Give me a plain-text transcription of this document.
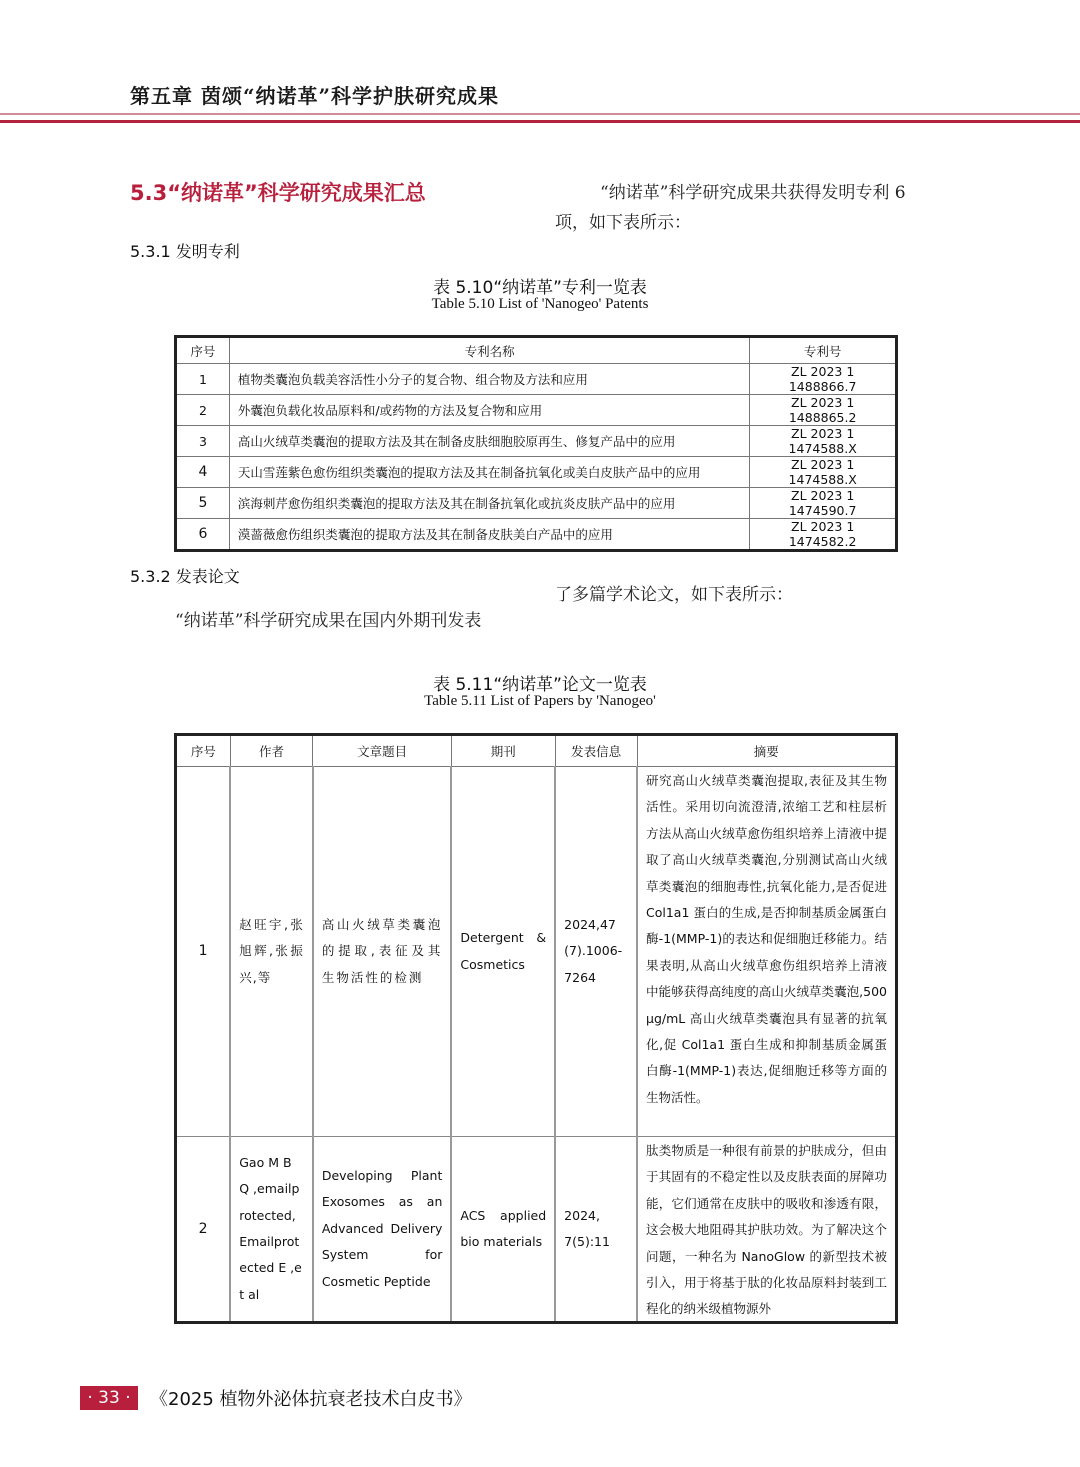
第五章 茵颂“纳诺革”科学护肤研究成果
5.3“纳诺革”科学研究成果汇总	“纳诺革”科学研究成果共获得发明专利 6
项，如下表所示：
5.3.1 发明专利
表 5.10“纳诺革”专利一览表
Table 5.10 List of 'Nanogeo' Patents
序号	专利名称	专利号
1	植物类囊泡负载美容活性小分子的复合物、组合物及方法和应用	ZL 2023 1 1488866.7
2	外囊泡负载化妆品原料和/或药物的方法及复合物和应用	ZL 2023 1 1488865.2
3	高山火绒草类囊泡的提取方法及其在制备皮肤细胞胶原再生、修复产品中的应用	ZL 2023 1 1474588.X
4	天山雪莲紫色愈伤组织类囊泡的提取方法及其在制备抗氧化或美白皮肤产品中的应用	ZL 2023 1 1474588.X
5	滨海刺芹愈伤组织类囊泡的提取方法及其在制备抗氧化或抗炎皮肤产品中的应用	ZL 2023 1 1474590.7
6	漠蔷薇愈伤组织类囊泡的提取方法及其在制备皮肤美白产品中的应用	ZL 2023 1 1474582.2
5.3.2 发表论文
了多篇学术论文，如下表所示：
“纳诺革”科学研究成果在国内外期刊发表
表 5.11“纳诺革”论文一览表
Table 5.11 List of Papers by 'Nanogeo'
序号	作者	文章题目	期刊	发表信息	摘要
1	赵旺宇,张旭辉,张振兴,等	高山火绒草类囊泡的提取,表征及其生物活性的检测	Detergent & Cosmetics	2024,47(7).1006-7264	研究高山火绒草类囊泡提取,表征及其生物活性。采用切向流澄清,浓缩工艺和柱层析方法从高山火绒草愈伤组织培养上清液中提取了高山火绒草类囊泡,分别测试高山火绒草类囊泡的细胞毒性,抗氧化能力,是否促进 Col1a1 蛋白的生成,是否抑制基质金属蛋白酶-1(MMP-1)的表达和促细胞迁移能力。结果表明,从高山火绒草愈伤组织培养上清液中能够获得高纯度的高山火绒草类囊泡,500 μg/mL 高山火绒草类囊泡具有显著的抗氧化,促 Col1a1 蛋白生成和抑制基质金属蛋白酶-1(MMP-1)表达,促细胞迁移等方面的生物活性。
2	Gao M B Q ,emailprotected, Emailprotected E ,et al	Developing Plant Exosomes as an Advanced Delivery System for Cosmetic Peptide	ACS applied bio materials	2024, 7(5):11	肽类物质是一种很有前景的护肤成分，但由于其固有的不稳定性以及皮肤表面的屏障功能，它们通常在皮肤中的吸收和渗透有限，这会极大地阻碍其护肤功效。为了解决这个问题，一种名为 NanoGlow 的新型技术被引入，用于将基于肽的化妆品原料封装到工程化的纳米级植物源外
· 33 ·	《2025 植物外泌体抗衰老技术白皮书》
